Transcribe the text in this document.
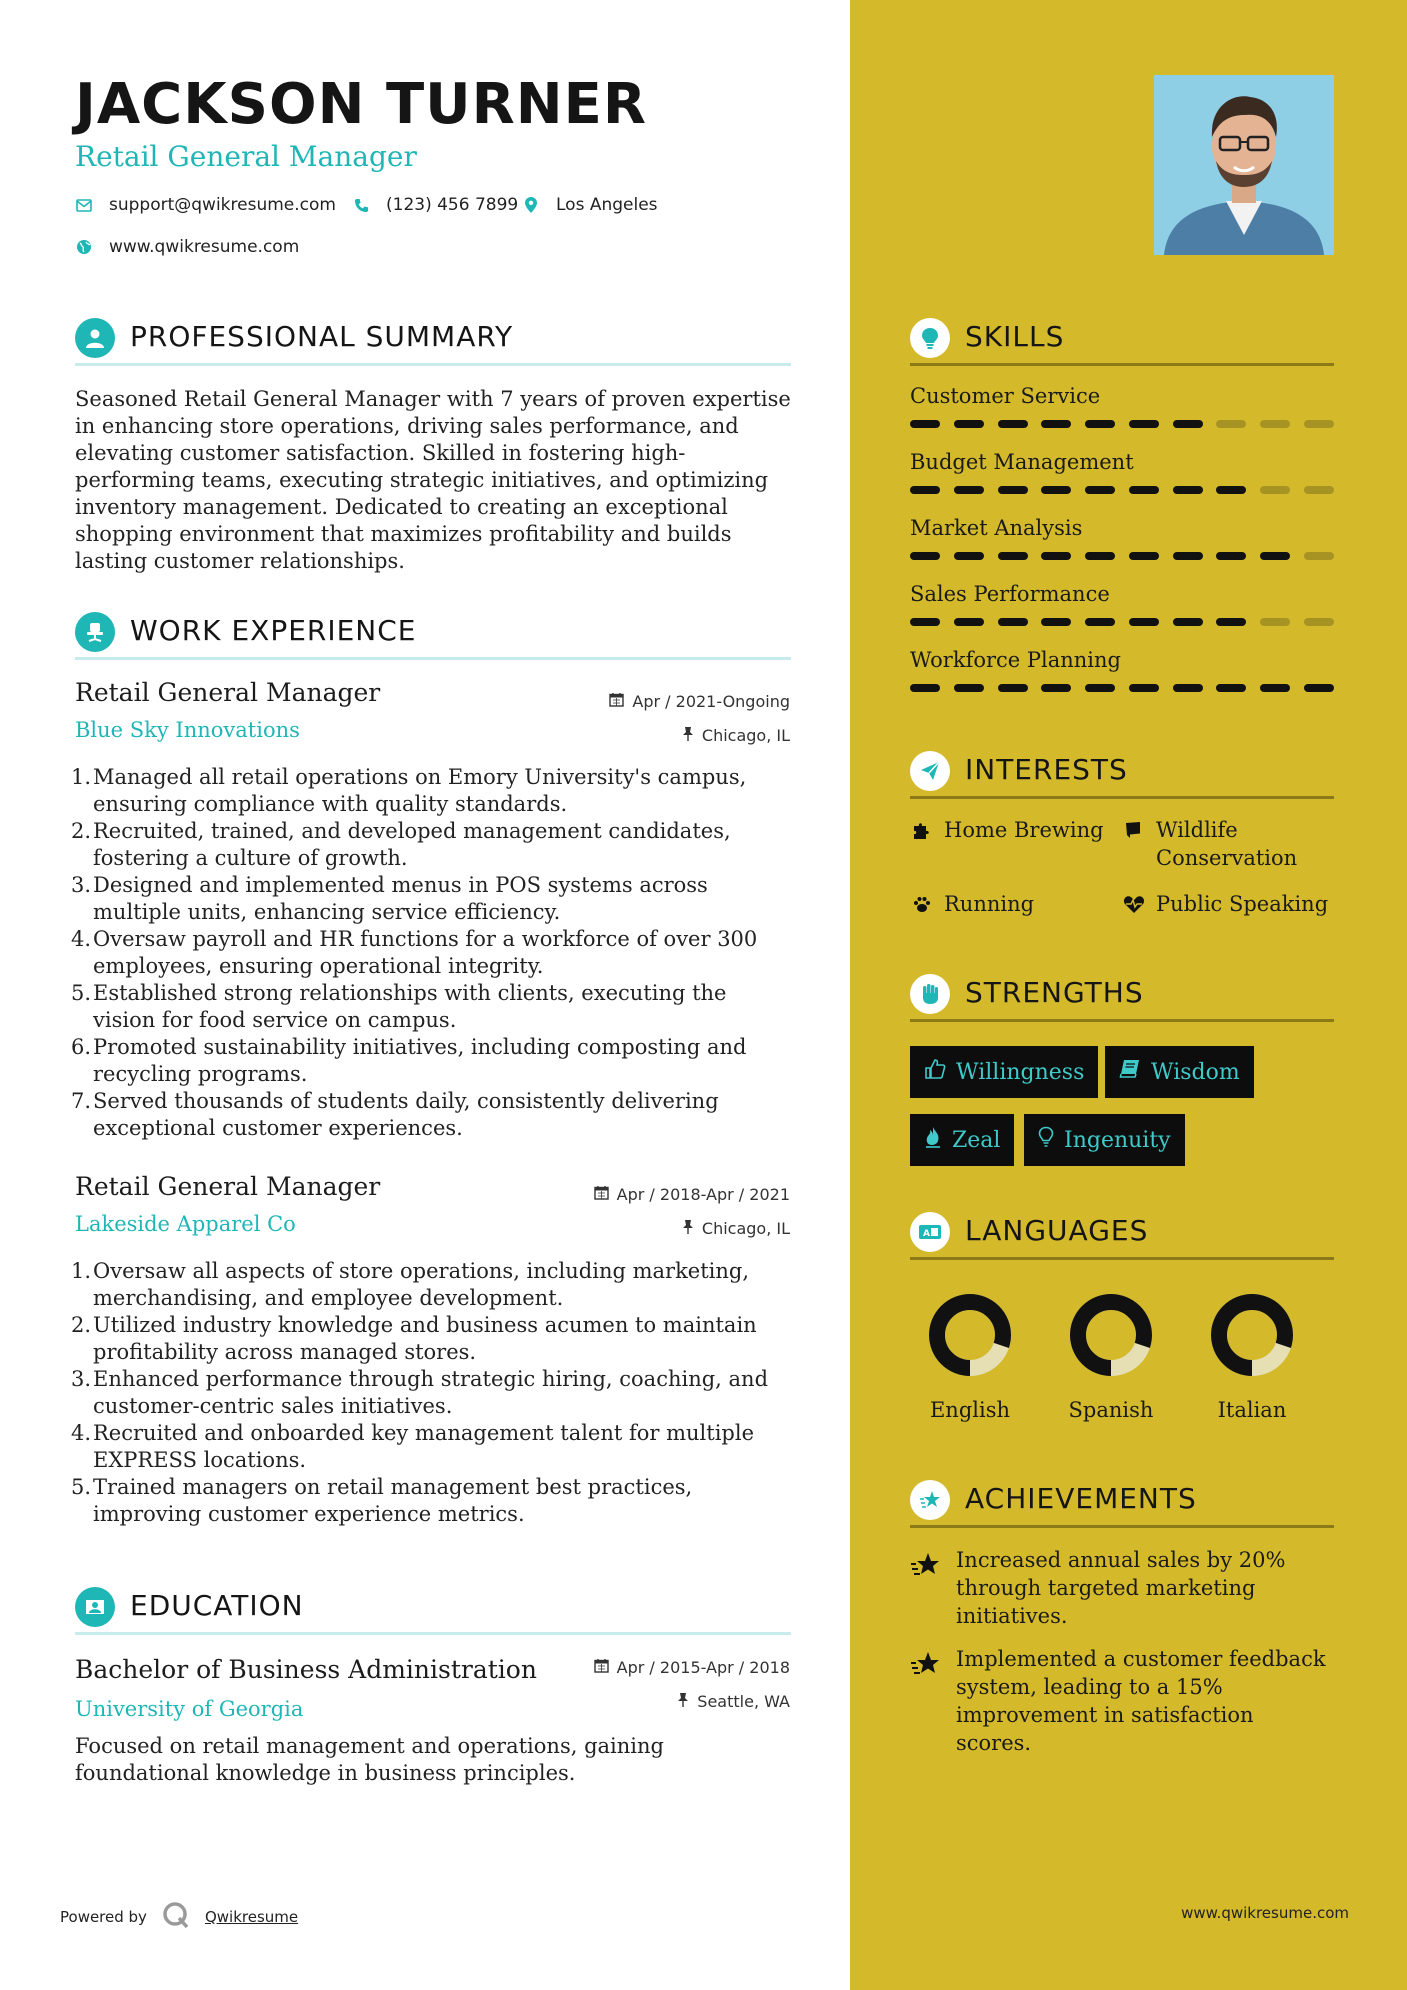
JACKSON TURNER
Retail General Manager
support@qwikresume.com	(123) 456 7899 Los Angeles
www.qwikresume.com
PROFESSIONAL SUMMARY
Seasoned Retail General Manager with 7 years of proven expertise in enhancing store operations, driving sales performance, and elevating customer satisfaction. Skilled in fostering high-performing teams, executing strategic initiatives, and optimizing inventory management. Dedicated to creating an exceptional shopping environment that maximizes profitability and builds lasting customer relationships.
WORK EXPERIENCE
Retail General Manager
Blue Sky Innovations
Apr / 2021-Ongoing
Chicago, IL
Managed all retail operations on Emory University's campus, ensuring compliance with quality standards.
Recruited, trained, and developed management candidates, fostering a culture of growth.
Designed and implemented menus in POS systems across multiple units, enhancing service efficiency.
Oversaw payroll and HR functions for a workforce of over 300 employees, ensuring operational integrity.
Established strong relationships with clients, executing the vision for food service on campus.
Promoted sustainability initiatives, including composting and recycling programs.
Served thousands of students daily, consistently delivering exceptional customer experiences.
Retail General Manager
Lakeside Apparel Co
Apr / 2018-Apr / 2021
Chicago, IL
Oversaw all aspects of store operations, including marketing, merchandising, and employee development.
Utilized industry knowledge and business acumen to maintain profitability across managed stores.
Enhanced performance through strategic hiring, coaching, and customer-centric sales initiatives.
Recruited and onboarded key management talent for multiple EXPRESS locations.
Trained managers on retail management best practices, improving customer experience metrics.
EDUCATION
Bachelor of Business Administration
University of Georgia
Apr / 2015-Apr / 2018
Seattle, WA
Focused on retail management and operations, gaining foundational knowledge in business principles.
Powered by	Qwikresume
SKILLS
Customer Service
Budget Management
Market Analysis
Sales Performance
Workforce Planning
INTERESTS
Home Brewing Wildlife Conservation
Running	Public Speaking
STRENGTHS
Willingness	Wisdom
Zeal	Ingenuity
A LANGUAGES
English	Spanish	Italian
ACHIEVEMENTS
Increased annual sales by 20% through targeted marketing initiatives.
Implemented a customer feedback system, leading to a 15% improvement in satisfaction scores.
www.qwikresume.com
